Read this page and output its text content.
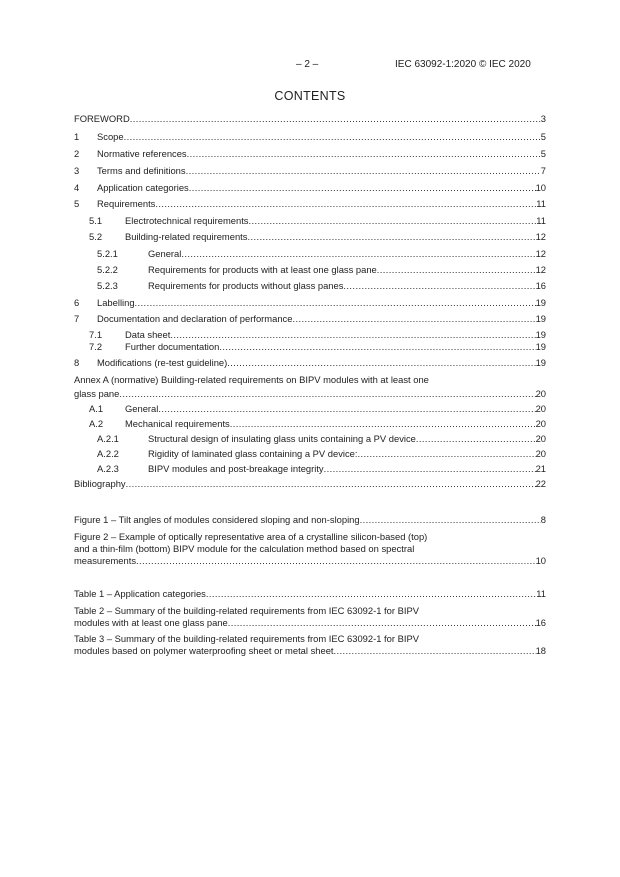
– 2 –	IEC 63092-1:2020 © IEC 2020
CONTENTS
FOREWORD .....	3
1	Scope .....	5
2	Normative references .....	5
3	Terms and definitions .....	7
4	Application categories .....	10
5	Requirements .....	11
5.1	Electrotechnical requirements .....	11
5.2	Building-related requirements .....	12
5.2.1	General .....	12
5.2.2	Requirements for products with at least one glass pane .....	12
5.2.3	Requirements for products without glass panes .....	16
6	Labelling .....	19
7	Documentation and declaration of performance .....	19
7.1	Data sheet .....	19
7.2	Further documentation .....	19
8	Modifications (re-test guideline) .....	19
Annex A (normative) Building-related requirements on BIPV modules with at least one
glass pane .....	20
A.1	General .....	20
A.2	Mechanical requirements .....	20
A.2.1	Structural design of insulating glass units containing a PV device .....	20
A.2.2	Rigidity of laminated glass containing a PV device: .....	20
A.2.3	BIPV modules and post-breakage integrity .....	21
Bibliography .....	22
Figure 1 – Tilt angles of modules considered sloping and non-sloping .....	8
Figure 2 – Example of optically representative area of a crystalline silicon-based (top)
and a thin-film (bottom) BIPV module for the calculation method based on spectral
measurements .....	10
Table 1 – Application categories .....	11
Table 2 – Summary of the building-related requirements from IEC 63092-1 for BIPV
modules with at least one glass pane .....	16
Table 3 – Summary of the building-related requirements from IEC 63092-1 for BIPV
modules based on polymer waterproofing sheet or metal sheet .....	18
